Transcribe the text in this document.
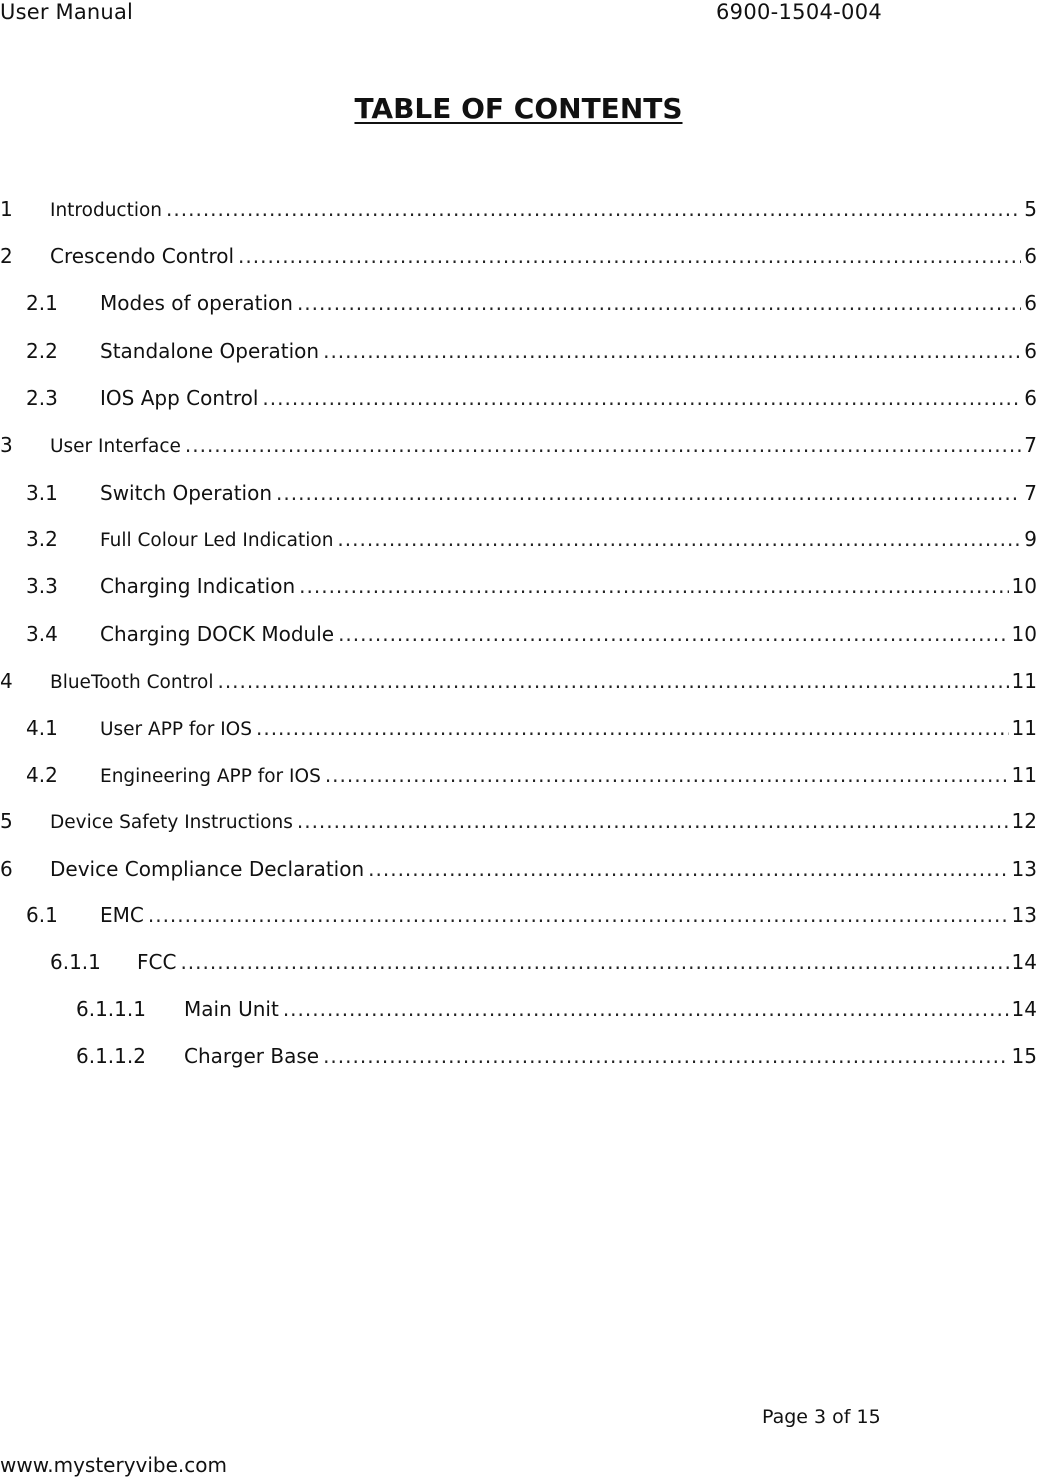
User Manual	6900-1504-004
TABLE OF CONTENTS
1	Introduction .....	5
2	Crescendo Control .....	6
2.1	Modes of operation .....	6
2.2	Standalone Operation .....	6
2.3	IOS App Control .....	6
3	User Interface .....	7
3.1	Switch Operation .....	7
3.2	Full Colour Led Indication .....	9
3.3	Charging Indication .....	10
3.4	Charging DOCK Module .....	10
4	BlueTooth Control .....	11
4.1	User APP for IOS .....	11
4.2	Engineering APP for IOS .....	11
5	Device Safety Instructions .....	12
6	Device Compliance Declaration .....	13
6.1	EMC .....	13
6.1.1	FCC .....	14
6.1.1.1	Main Unit .....	14
6.1.1.2	Charger Base .....	15
Page 3 of 15
www.mysteryvibe.com
